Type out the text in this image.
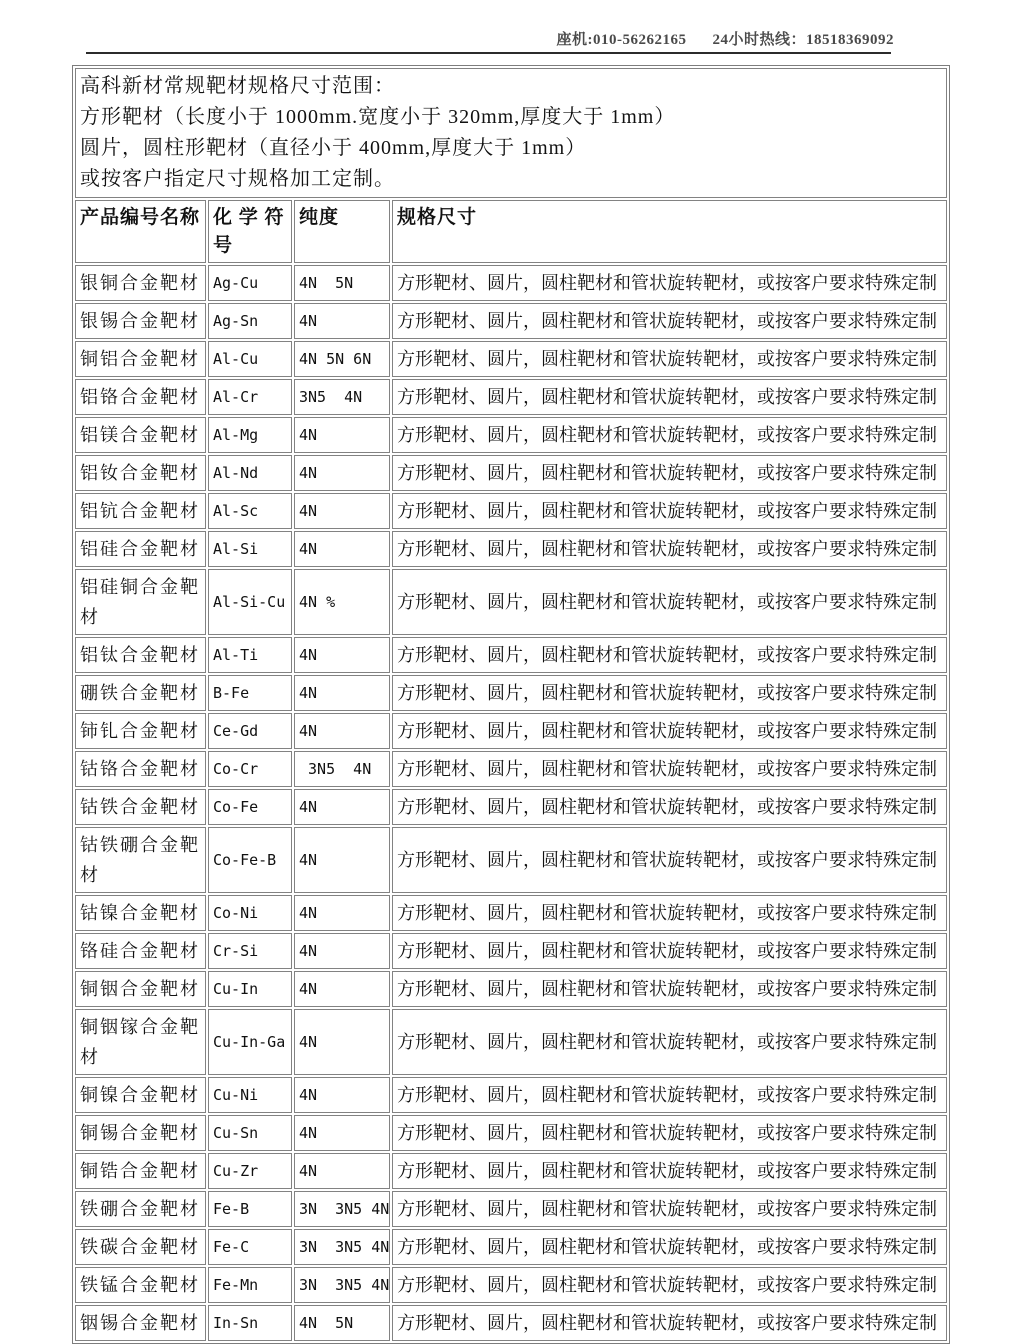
座机:010-56262165 24小时热线：18518369092
高科新材常规靶材规格尺寸范围：
方形靶材（长度小于 1000mm.宽度小于 320mm,厚度大于 1mm）
圆片，圆柱形靶材（直径小于 400mm,厚度大于 1mm）
或按客户指定尺寸规格加工定制。			

产品编号名称	化 学 符号	纯度	规格尺寸
银铜合金靶材	Ag-Cu	4N  5N	方形靶材、圆片，圆柱靶材和管状旋转靶材，或按客户要求特殊定制
银锡合金靶材	Ag-Sn	4N	方形靶材、圆片，圆柱靶材和管状旋转靶材，或按客户要求特殊定制
铜铝合金靶材	Al-Cu	4N 5N 6N	方形靶材、圆片，圆柱靶材和管状旋转靶材，或按客户要求特殊定制
铝铬合金靶材	Al-Cr	3N5  4N	方形靶材、圆片，圆柱靶材和管状旋转靶材，或按客户要求特殊定制
铝镁合金靶材	Al-Mg	4N	方形靶材、圆片，圆柱靶材和管状旋转靶材，或按客户要求特殊定制
铝钕合金靶材	Al-Nd	4N	方形靶材、圆片，圆柱靶材和管状旋转靶材，或按客户要求特殊定制
铝钪合金靶材	Al-Sc	4N	方形靶材、圆片，圆柱靶材和管状旋转靶材，或按客户要求特殊定制
铝硅合金靶材	Al-Si	4N	方形靶材、圆片，圆柱靶材和管状旋转靶材，或按客户要求特殊定制
铝硅铜合金靶材	Al-Si-Cu	4N %	方形靶材、圆片，圆柱靶材和管状旋转靶材，或按客户要求特殊定制
铝钛合金靶材	Al-Ti	4N	方形靶材、圆片，圆柱靶材和管状旋转靶材，或按客户要求特殊定制
硼铁合金靶材	B-Fe	4N	方形靶材、圆片，圆柱靶材和管状旋转靶材，或按客户要求特殊定制
铈钆合金靶材	Ce-Gd	4N	方形靶材、圆片，圆柱靶材和管状旋转靶材，或按客户要求特殊定制
钴铬合金靶材	Co-Cr	3N5  4N	方形靶材、圆片，圆柱靶材和管状旋转靶材，或按客户要求特殊定制
钴铁合金靶材	Co-Fe	4N	方形靶材、圆片，圆柱靶材和管状旋转靶材，或按客户要求特殊定制
钴铁硼合金靶材	Co-Fe-B	4N	方形靶材、圆片，圆柱靶材和管状旋转靶材，或按客户要求特殊定制
钴镍合金靶材	Co-Ni	4N	方形靶材、圆片，圆柱靶材和管状旋转靶材，或按客户要求特殊定制
铬硅合金靶材	Cr-Si	4N	方形靶材、圆片，圆柱靶材和管状旋转靶材，或按客户要求特殊定制
铜铟合金靶材	Cu-In	4N	方形靶材、圆片，圆柱靶材和管状旋转靶材，或按客户要求特殊定制
铜铟镓合金靶材	Cu-In-Ga	4N	方形靶材、圆片，圆柱靶材和管状旋转靶材，或按客户要求特殊定制
铜镍合金靶材	Cu-Ni	4N	方形靶材、圆片，圆柱靶材和管状旋转靶材，或按客户要求特殊定制
铜锡合金靶材	Cu-Sn	4N	方形靶材、圆片，圆柱靶材和管状旋转靶材，或按客户要求特殊定制
铜锆合金靶材	Cu-Zr	4N	方形靶材、圆片，圆柱靶材和管状旋转靶材，或按客户要求特殊定制
铁硼合金靶材	Fe-B	3N  3N5 4N	方形靶材、圆片，圆柱靶材和管状旋转靶材，或按客户要求特殊定制
铁碳合金靶材	Fe-C	3N  3N5 4N	方形靶材、圆片，圆柱靶材和管状旋转靶材，或按客户要求特殊定制
铁锰合金靶材	Fe-Mn	3N  3N5 4N	方形靶材、圆片，圆柱靶材和管状旋转靶材，或按客户要求特殊定制
铟锡合金靶材	In-Sn	4N  5N	方形靶材、圆片，圆柱靶材和管状旋转靶材，或按客户要求特殊定制
